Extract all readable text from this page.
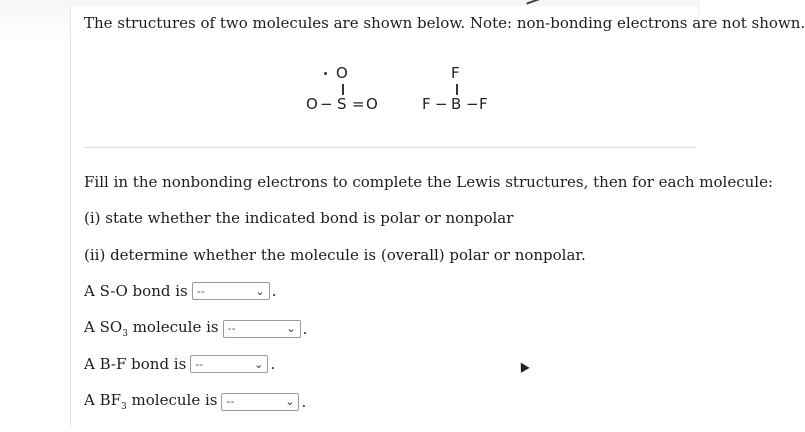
The structures of two molecules are shown below. Note: non-bonding electrons are not shown.
O
O − S = O
F
F − B − F
Fill in the nonbonding electrons to complete the Lewis structures, then for each molecule:
(i) state whether the indicated bond is polar or nonpolar
(ii) determine whether the molecule is (overall) polar or nonpolar.
A S-O bond is --	⌄ .
A $SO_3$ molecule is --	⌄ .
A B-F bond is --	⌄ .
A $BF_3$ molecule is --	⌄ .
